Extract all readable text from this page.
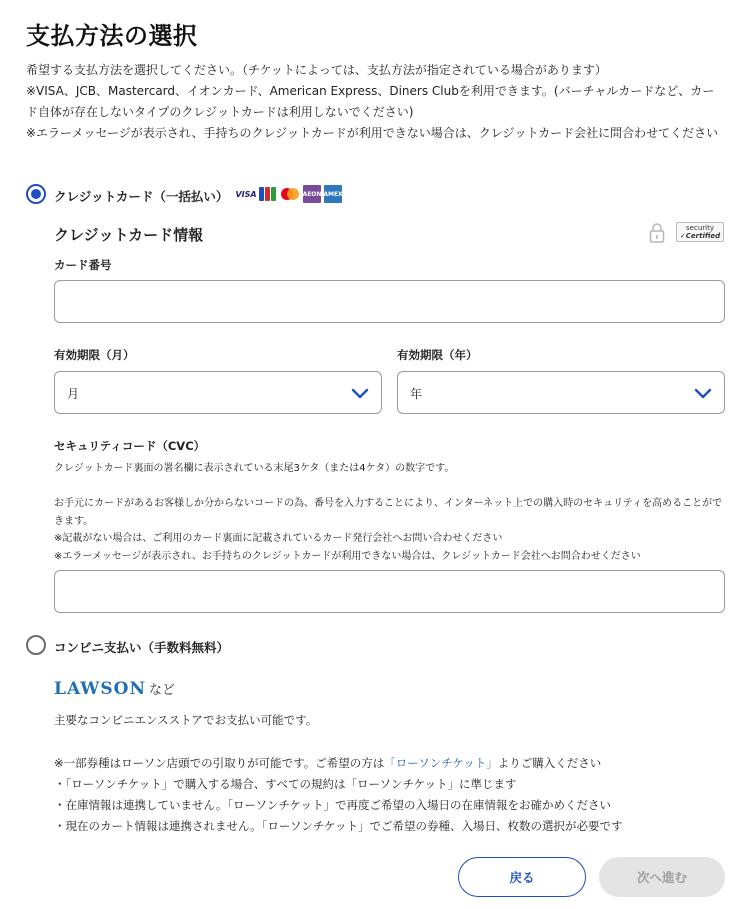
支払方法の選択

希望する支払方法を選択してください。（チケットによっては、支払方法が指定されている場合があります）

※VISA、JCB、Mastercard、イオンカード、American Express、Diners Clubを利用できます。(バーチャルカードなど、カード自体が存在しないタイプのクレジットカードは利用しないでください)

※エラーメッセージが表示され、手持ちのクレジットカードが利用できない場合は、クレジットカード会社に問合わせてください

クレジットカード（一括払い） VISA	AEON AMEX
クレジットカード情報	security
✓Certified
カード番号
有効期限（月）	有効期限（年）
月	年
セキュリティコード（CVC）
クレジットカード裏面の署名欄に表示されている末尾3ケタ（または4ケタ）の数字です。
お手元にカードがあるお客様しか分からないコードの為、番号を入力することにより、インターネット上での購入時のセキュリティを高めることができます。
※記載がない場合は、ご利用のカード裏面に記載されているカード発行会社へお問い合わせください
※エラーメッセージが表示され、お手持ちのクレジットカードが利用できない場合は、クレジットカード会社へお問合わせください
コンビニ支払い（手数料無料）
LAWSON など
主要なコンビニエンスストアでお支払い可能です。
※一部券種はローソン店頭での引取りが可能です。ご希望の方は「ローソンチケット」よりご購入ください
・「ローソンチケット」で購入する場合、すべての規約は「ローソンチケット」に準じます
・在庫情報は連携していません。「ローソンチケット」で再度ご希望の入場日の在庫情報をお確かめください
・現在のカート情報は連携されません。「ローソンチケット」でご希望の券種、入場日、枚数の選択が必要です
戻る	次へ進む
